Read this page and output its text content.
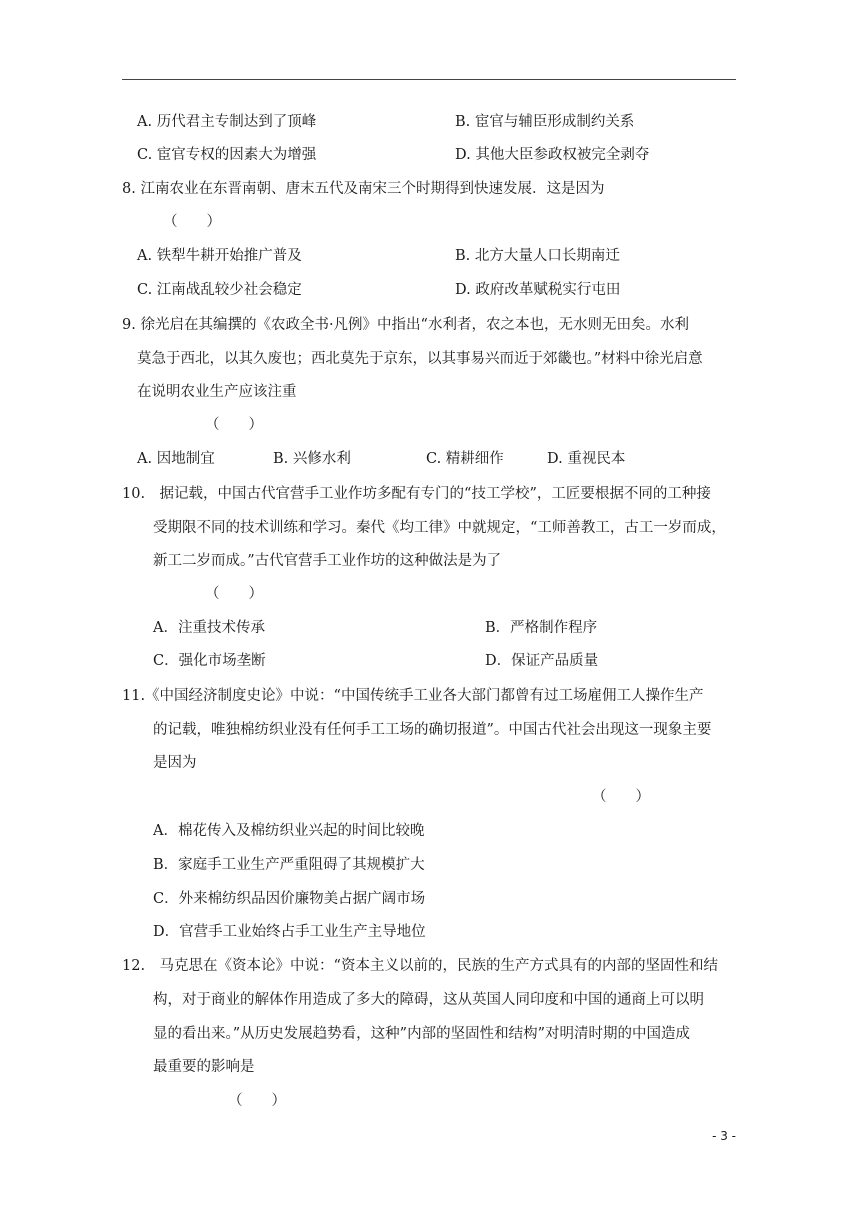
A. 历代君主专制达到了顶峰	B. 宦官与辅臣形成制约关系
C. 宦官专权的因素大为增强	D. 其他大臣参政权被完全剥夺
8. 江南农业在东晋南朝、唐末五代及南宋三个时期得到快速发展．这是因为
（　　）
A. 铁犁牛耕开始推广普及	B. 北方大量人口长期南迁
C. 江南战乱较少社会稳定	D. 政府改革赋税实行屯田
9. 徐光启在其编撰的《农政全书·凡例》中指出“水利者，农之本也，无水则无田矣。水利
莫急于西北，以其久废也；西北莫先于京东，以其事易兴而近于郊畿也。”材料中徐光启意
在说明农业生产应该注重
（　　）
A. 因地制宜	B. 兴修水利	C. 精耕细作	D. 重视民本
10.　据记载，中国古代官营手工业作坊多配有专门的“技工学校”，工匠要根据不同的工种接
受期限不同的技术训练和学习。秦代《均工律》中就规定，“工师善教工，古工一岁而成，
新工二岁而成。”古代官营手工业作坊的这种做法是为了
（　　）
A．注重技术传承	B．严格制作程序
C．强化市场垄断	D．保证产品质量
11.《中国经济制度史论》中说：“中国传统手工业各大部门都曾有过工场雇佣工人操作生产
的记载，唯独棉纺织业没有任何手工工场的确切报道”。中国古代社会出现这一现象主要
是因为
（　　）
A．棉花传入及棉纺织业兴起的时间比较晚
B．家庭手工业生产严重阻碍了其规模扩大
C．外来棉纺织品因价廉物美占据广阔市场
D．官营手工业始终占手工业生产主导地位
12.　马克思在《资本论》中说：“资本主义以前的，民族的生产方式具有的内部的坚固性和结
构，对于商业的解体作用造成了多大的障碍，这从英国人同印度和中国的通商上可以明
显的看出来。”从历史发展趋势看，这种”内部的坚固性和结构”对明清时期的中国造成
最重要的影响是
（　　）
- 3 -
